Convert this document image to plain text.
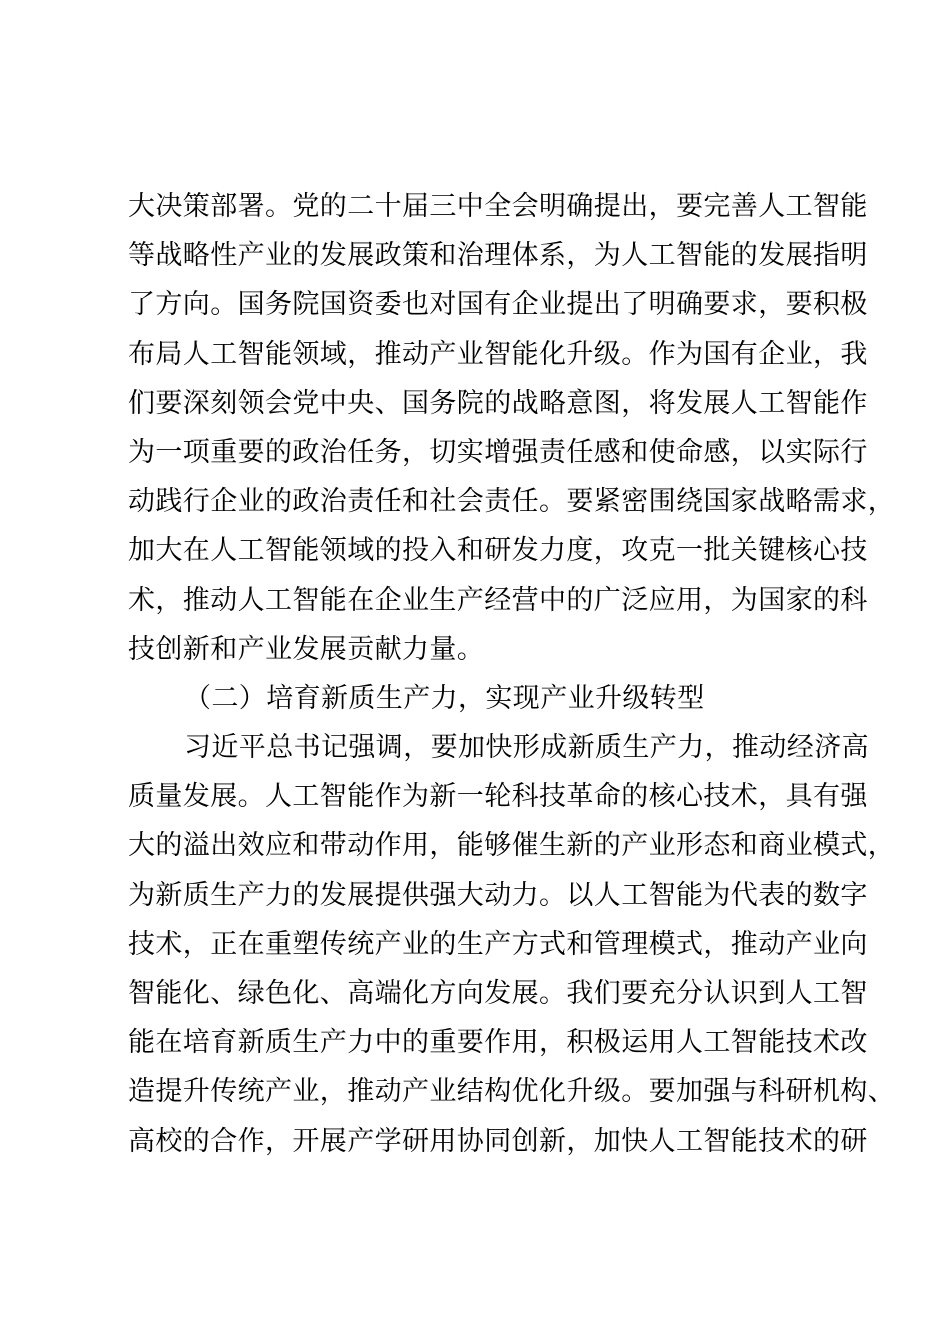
大决策部署。党的二十届三中全会明确提出，要完善人工智能
等战略性产业的发展政策和治理体系，为人工智能的发展指明
了方向。国务院国资委也对国有企业提出了明确要求，要积极
布局人工智能领域，推动产业智能化升级。作为国有企业，我
们要深刻领会党中央、国务院的战略意图，将发展人工智能作
为一项重要的政治任务，切实增强责任感和使命感，以实际行
动践行企业的政治责任和社会责任。要紧密围绕国家战略需求，
加大在人工智能领域的投入和研发力度，攻克一批关键核心技
术，推动人工智能在企业生产经营中的广泛应用，为国家的科
技创新和产业发展贡献力量。
（二）培育新质生产力，实现产业升级转型
习近平总书记强调，要加快形成新质生产力，推动经济高
质量发展。人工智能作为新一轮科技革命的核心技术，具有强
大的溢出效应和带动作用，能够催生新的产业形态和商业模式，
为新质生产力的发展提供强大动力。以人工智能为代表的数字
技术，正在重塑传统产业的生产方式和管理模式，推动产业向
智能化、绿色化、高端化方向发展。我们要充分认识到人工智
能在培育新质生产力中的重要作用，积极运用人工智能技术改
造提升传统产业，推动产业结构优化升级。要加强与科研机构、
高校的合作，开展产学研用协同创新，加快人工智能技术的研
